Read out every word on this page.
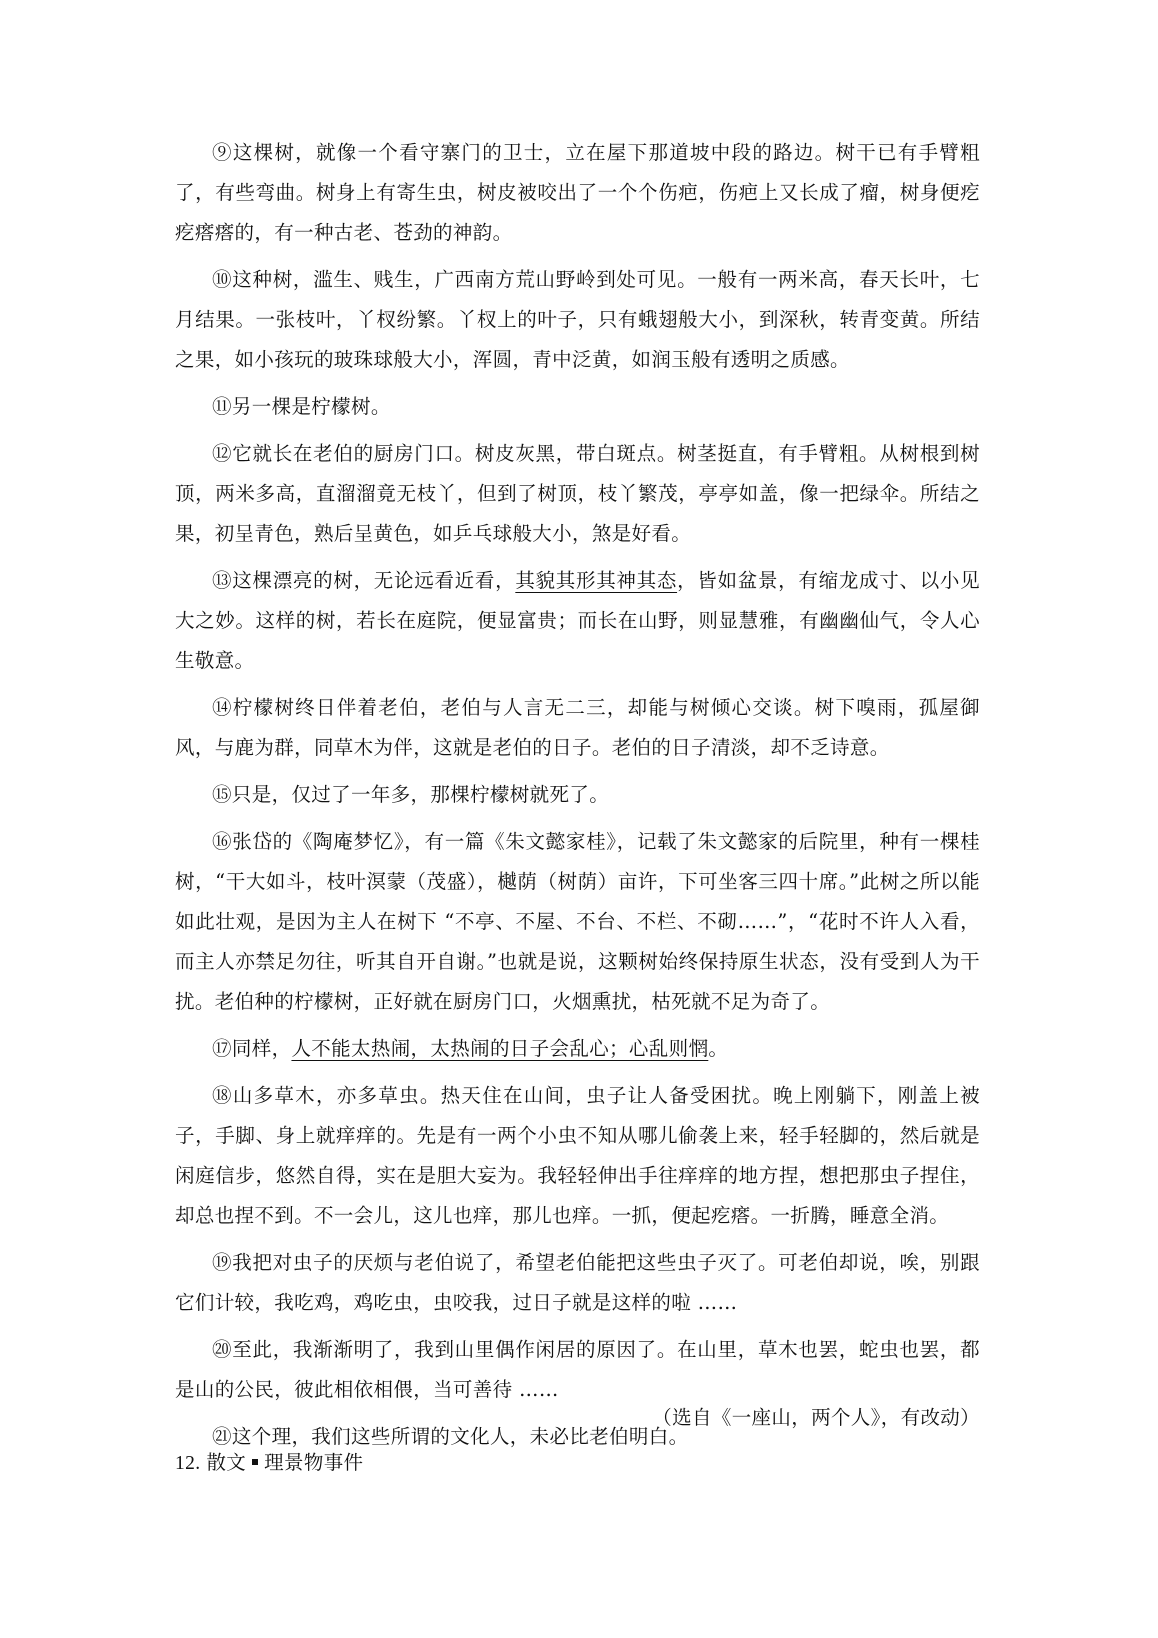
⑨这棵树，就像一个看守寨门的卫士，立在屋下那道坡中段的路边。树干已有手臂粗了，有些弯曲。树身上有寄生虫，树皮被咬出了一个个伤疤，伤疤上又长成了瘤，树身便疙疙瘩瘩的，有一种古老、苍劲的神韵。

⑩这种树，滥生、贱生，广西南方荒山野岭到处可见。一般有一两米高，春天长叶，七月结果。一张枝叶，丫杈纷繁。丫杈上的叶子，只有蛾翅般大小，到深秋，转青变黄。所结之果，如小孩玩的玻珠球般大小，浑圆，青中泛黄，如润玉般有透明之质感。

⑪另一棵是柠檬树。

⑫它就长在老伯的厨房门口。树皮灰黑，带白斑点。树茎挺直，有手臂粗。从树根到树顶，两米多高，直溜溜竟无枝丫，但到了树顶，枝丫繁茂，亭亭如盖，像一把绿伞。所结之果，初呈青色，熟后呈黄色，如乒乓球般大小，煞是好看。

⑬这棵漂亮的树，无论远看近看，其貌其形其神其态，皆如盆景，有缩龙成寸、以小见大之妙。这样的树，若长在庭院，便显富贵；而长在山野，则显慧雅，有幽幽仙气，令人心生敬意。

⑭柠檬树终日伴着老伯，老伯与人言无二三，却能与树倾心交谈。树下嗅雨，孤屋御风，与鹿为群，同草木为伴，这就是老伯的日子。老伯的日子清淡，却不乏诗意。

⑮只是，仅过了一年多，那棵柠檬树就死了。

⑯张岱的《陶庵梦忆》，有一篇《朱文懿家桂》，记载了朱文懿家的后院里，种有一棵桂树，“干大如斗，枝叶溟蒙（茂盛），樾荫（树荫）亩许，下可坐客三四十席。”此树之所以能如此壮观，是因为主人在树下 “不亭、不屋、不台、不栏、不砌……”，“花时不许人入看，而主人亦禁足勿往，听其自开自谢。”也就是说，这颗树始终保持原生状态，没有受到人为干扰。老伯种的柠檬树，正好就在厨房门口，火烟熏扰，枯死就不足为奇了。

⑰同样，人不能太热闹，太热闹的日子会乱心；心乱则惘。

⑱山多草木，亦多草虫。热天住在山间，虫子让人备受困扰。晚上刚躺下，刚盖上被子，手脚、身上就痒痒的。先是有一两个小虫不知从哪儿偷袭上来，轻手轻脚的，然后就是闲庭信步，悠然自得，实在是胆大妄为。我轻轻伸出手往痒痒的地方捏，想把那虫子捏住，却总也捏不到。不一会儿，这儿也痒，那儿也痒。一抓，便起疙瘩。一折腾，睡意全消。

⑲我把对虫子的厌烦与老伯说了，希望老伯能把这些虫子灭了。可老伯却说，唉，别跟它们计较，我吃鸡，鸡吃虫，虫咬我，过日子就是这样的啦 ……

⑳至此，我渐渐明了，我到山里偶作闲居的原因了。在山里，草木也罢，蛇虫也罢，都是山的公民，彼此相依相偎，当可善待 ……

㉑这个理，我们这些所谓的文化人，未必比老伯明白。

（选自《一座山，两个人》，有改动）
12. 散文 理景物事件
